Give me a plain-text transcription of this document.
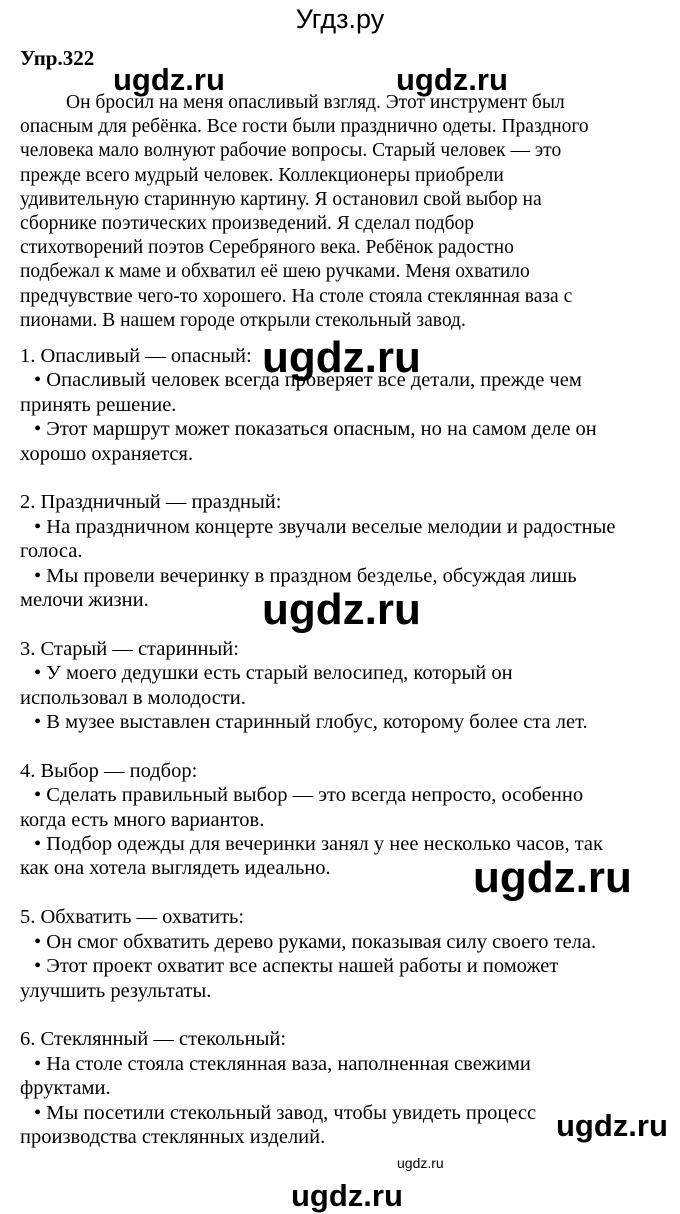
Угдз.ру
Упр.322
Он бросил на меня опасливый взгляд. Этот инструмент был
опасным для ребёнка. Все гости были празднично одеты. Праздного
человека мало волнуют рабочие вопросы. Старый человек — это
прежде всего мудрый человек. Коллекционеры приобрели
удивительную старинную картину. Я остановил свой выбор на
сборнике поэтических произведений. Я сделал подбор
стихотворений поэтов Серебряного века. Ребёнок радостно
подбежал к маме и обхватил её шею ручками. Меня охватило
предчувствие чего-то хорошего. На столе стояла стеклянная ваза с
пионами. В нашем городе открыли стекольный завод.
1. Опасливый — опасный:
• Опасливый человек всегда проверяет все детали, прежде чем
принять решение.
• Этот маршрут может показаться опасным, но на самом деле он
хорошо охраняется.
2. Праздничный — праздный:
• На праздничном концерте звучали веселые мелодии и радостные
голоса.
• Мы провели вечеринку в праздном безделье, обсуждая лишь
мелочи жизни.
3. Старый — старинный:
• У моего дедушки есть старый велосипед, который он
использовал в молодости.
• В музее выставлен старинный глобус, которому более ста лет.
4. Выбор — подбор:
• Сделать правильный выбор — это всегда непросто, особенно
когда есть много вариантов.
• Подбор одежды для вечеринки занял у нее несколько часов, так
как она хотела выглядеть идеально.
5. Обхватить — охватить:
• Он смог обхватить дерево руками, показывая силу своего тела.
• Этот проект охватит все аспекты нашей работы и поможет
улучшить результаты.
6. Стеклянный — стекольный:
• На столе стояла стеклянная ваза, наполненная свежими
фруктами.
• Мы посетили стекольный завод, чтобы увидеть процесс
производства стеклянных изделий.
ugdz.ru	ugdz.ru
ugdz.ru
ugdz.ru
ugdz.ru
ugdz.ru
ugdz.ru
ugdz.ru
